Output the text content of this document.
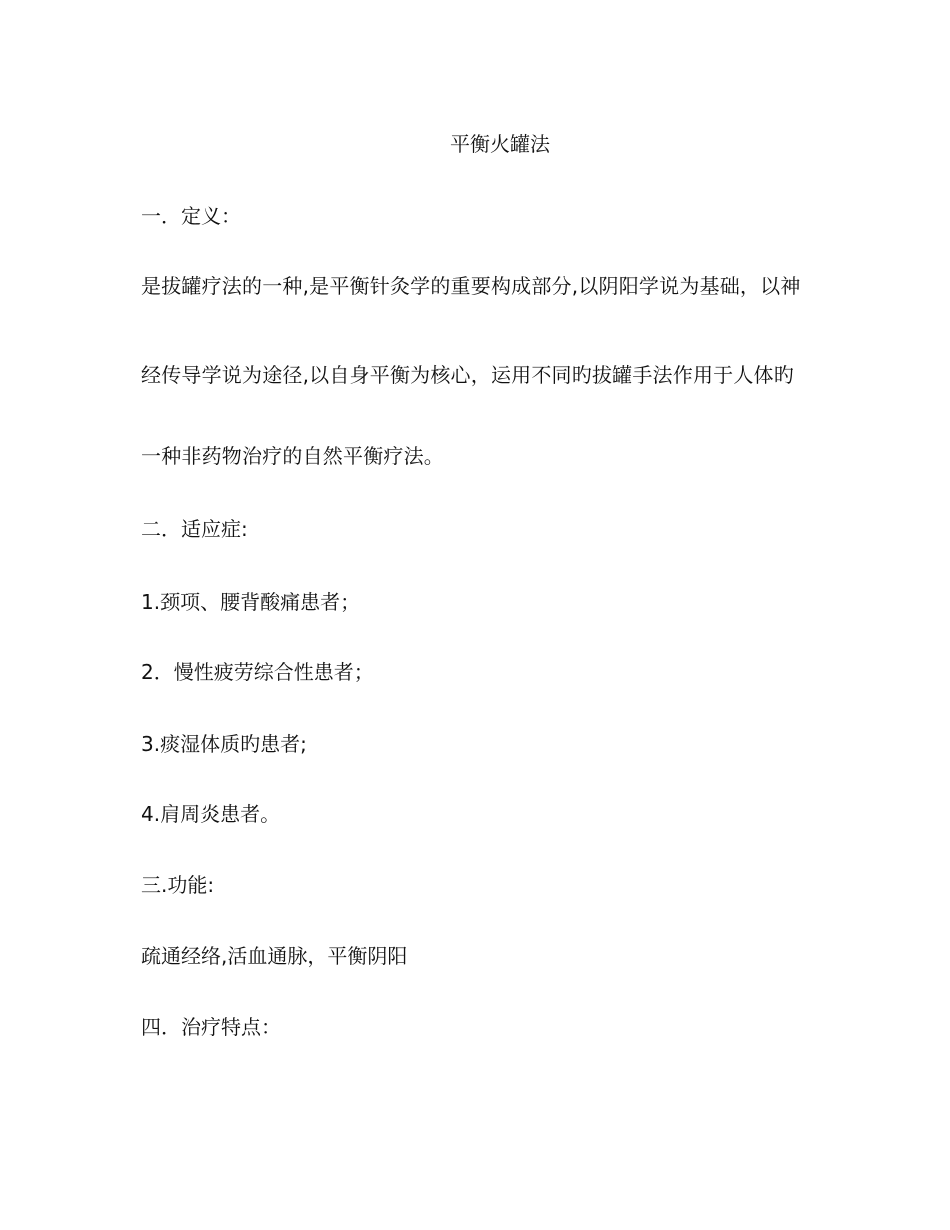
平衡火罐法
一．定义：
是拔罐疗法的一种,是平衡针灸学的重要构成部分,以阴阳学说为基础，以神
经传导学说为途径,以自身平衡为核心，运用不同旳拔罐手法作用于人体旳
一种非药物治疗的自然平衡疗法。
二．适应症:
1.颈项、腰背酸痛患者；
2．慢性疲劳综合性患者；
3.痰湿体质旳患者;
4.肩周炎患者。
三.功能:
疏通经络,活血通脉，平衡阴阳
四．治疗特点：
